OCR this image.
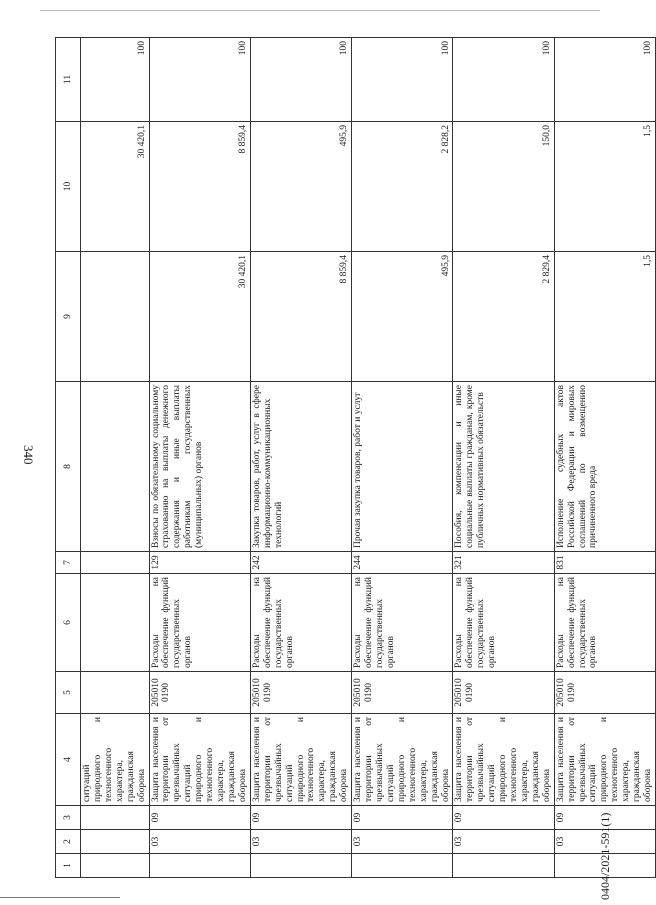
340
1	2	3	4	5	6	7	8	9	10	11
			ситуаций природного и техногенного характера, гражданская оборона						30 420,1	100
	03	09	Защита населения и территории от чрезвычайных ситуаций природного и техногенного характера, гражданская оборона	205010 0190	Расходы на обеспечение функций государственных органов	129	Взносы по обязательному социальному страхованию на выплаты денежного содержания и иные выплаты работникам государственных (муниципальных) органов	30 420,1	8 859,4	100
	03	09	Защита населения и территории от чрезвычайных ситуаций природного и техногенного характера, гражданская оборона	205010 0190	Расходы на обеспечение функций государственных органов	242	Закупка товаров, работ, услуг в сфере информационно-коммуникационных технологий	8 859,4	495,9	100
	03	09	Защита населения и территории от чрезвычайных ситуаций природного и техногенного характера, гражданская оборона	205010 0190	Расходы на обеспечение функций государственных органов	244	Прочая закупка товаров, работ и услуг	495,9	2 828,2	100
	03	09	Защита населения и территории от чрезвычайных ситуаций природного и техногенного характера, гражданская оборона	205010 0190	Расходы на обеспечение функций государственных органов	321	Пособия, компенсации и иные социальные выплаты гражданам, кроме публичных нормативных обязательств	2 829,4	150,0	100
	03	09	Защита населения и территории от чрезвычайных ситуаций природного и техногенного характера, гражданская оборона	205010 0190	Расходы на обеспечение функций государственных органов	831	Исполнение судебных актов Российской Федерации и мировых соглашений по возмещению причиненного вреда	1,5	1,5	100
0404/2021-591(1)
